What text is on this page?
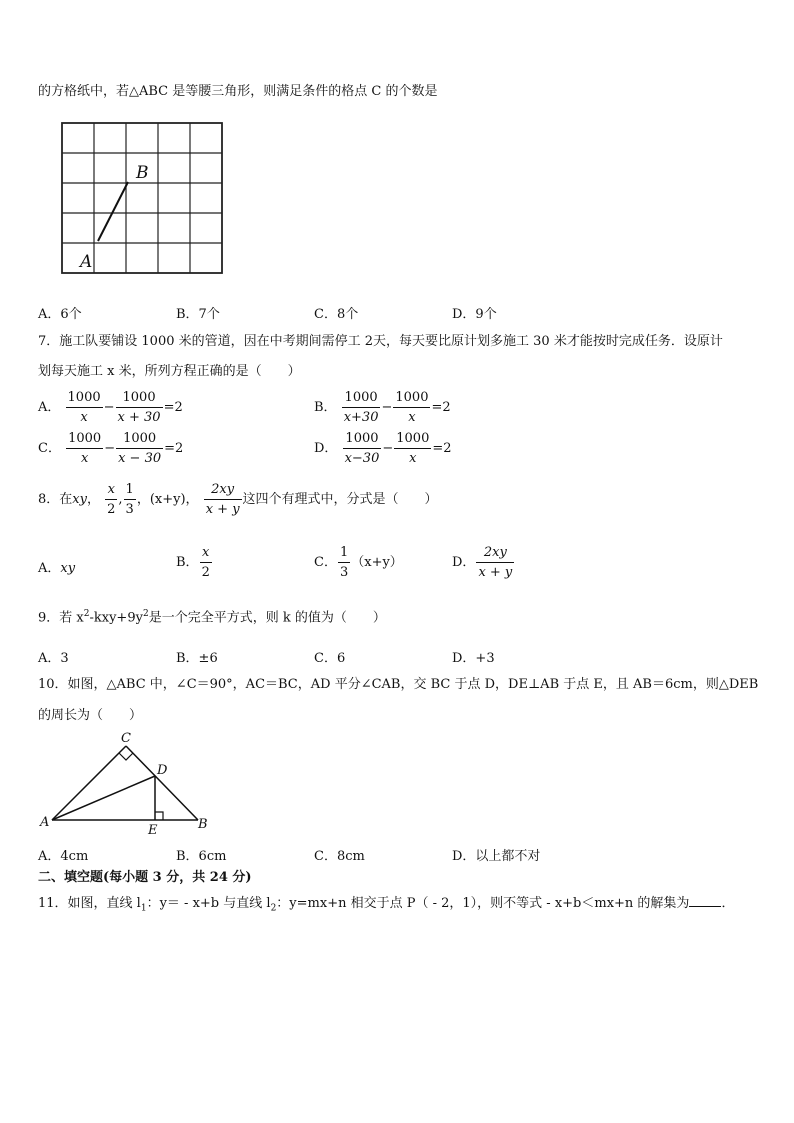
的方格纸中，若△ABC 是等腰三角形，则满足条件的格点 C 的个数是
A
B
A．6个	B．7个	C．8个	D．9个
7．施工队要铺设 1000 米的管道，因在中考期间需停工 2天，每天要比原计划多施工 30 米才能按时完成任务．设原计
划每天施工 x 米，所列方程正确的是（　　）
A． $\frac{1000}{x} - \frac{1000}{x + 30} =2$	B． $\frac{1000}{x+30} - \frac{1000}{x} =2$
C． $\frac{1000}{x} - \frac{1000}{x - 30} =2$	D． $\frac{1000}{x-30} - \frac{1000}{x} =2$
8．在xy， $\frac{x}{2}$ , $\frac{1}{3}$ ，(x+y)， $\frac{2xy}{x + y}$ 这四个有理式中，分式是（　　）
A．xy	B． $\frac{x}{2}$	C． $\frac{1}{3} (x+y)$	D． $\frac{2xy}{x + y}$
9．若 $x^2-kxy+9y^2$是一个完全平方式，则 k 的值为（　　）
A．3	B．±6	C．6	D．+3
10．如图，△ABC 中，∠C＝90°，AC＝BC，AD 平分∠CAB，交 BC 于点 D，DE⊥AB 于点 E，且 AB＝6cm，则△DEB
的周长为（　　）
A	B
C
D
E
A．4cm	B．6cm	C．8cm	D．以上都不对
二、填空题(每小题 3 分，共 24 分)
11．如图，直线 $l_1$：y＝ - x+b 与直线 $l_2$：y=mx+n 相交于点 P（ - 2，1），则不等式 - x+b＜mx+n 的解集为 ．
